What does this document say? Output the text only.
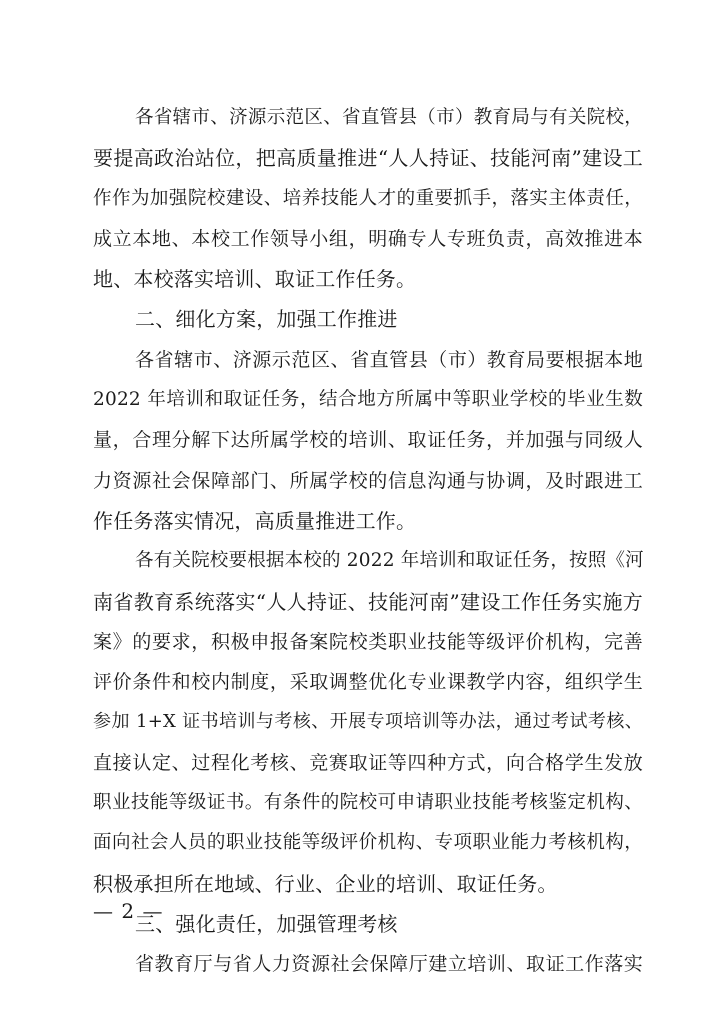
各省辖市、济源示范区、省直管县（市）教育局与有关院校，
要提高政治站位，把高质量推进“人人持证、技能河南”建设工
作作为加强院校建设、培养技能人才的重要抓手，落实主体责任，
成立本地、本校工作领导小组，明确专人专班负责，高效推进本
地、本校落实培训、取证工作任务。
二、细化方案，加强工作推进
各省辖市、济源示范区、省直管县（市）教育局要根据本地
2022 年培训和取证任务，结合地方所属中等职业学校的毕业生数
量，合理分解下达所属学校的培训、取证任务，并加强与同级人
力资源社会保障部门、所属学校的信息沟通与协调，及时跟进工
作任务落实情况，高质量推进工作。
各有关院校要根据本校的 2022 年培训和取证任务，按照《河
南省教育系统落实“人人持证、技能河南”建设工作任务实施方
案》的要求，积极申报备案院校类职业技能等级评价机构，完善
评价条件和校内制度，采取调整优化专业课教学内容，组织学生
参加 1+X 证书培训与考核、开展专项培训等办法，通过考试考核、
直接认定、过程化考核、竞赛取证等四种方式，向合格学生发放
职业技能等级证书。有条件的院校可申请职业技能考核鉴定机构、
面向社会人员的职业技能等级评价机构、专项职业能力考核机构，
积极承担所在地域、行业、企业的培训、取证任务。
三、强化责任，加强管理考核
省教育厅与省人力资源社会保障厅建立培训、取证工作落实
— 2 —
